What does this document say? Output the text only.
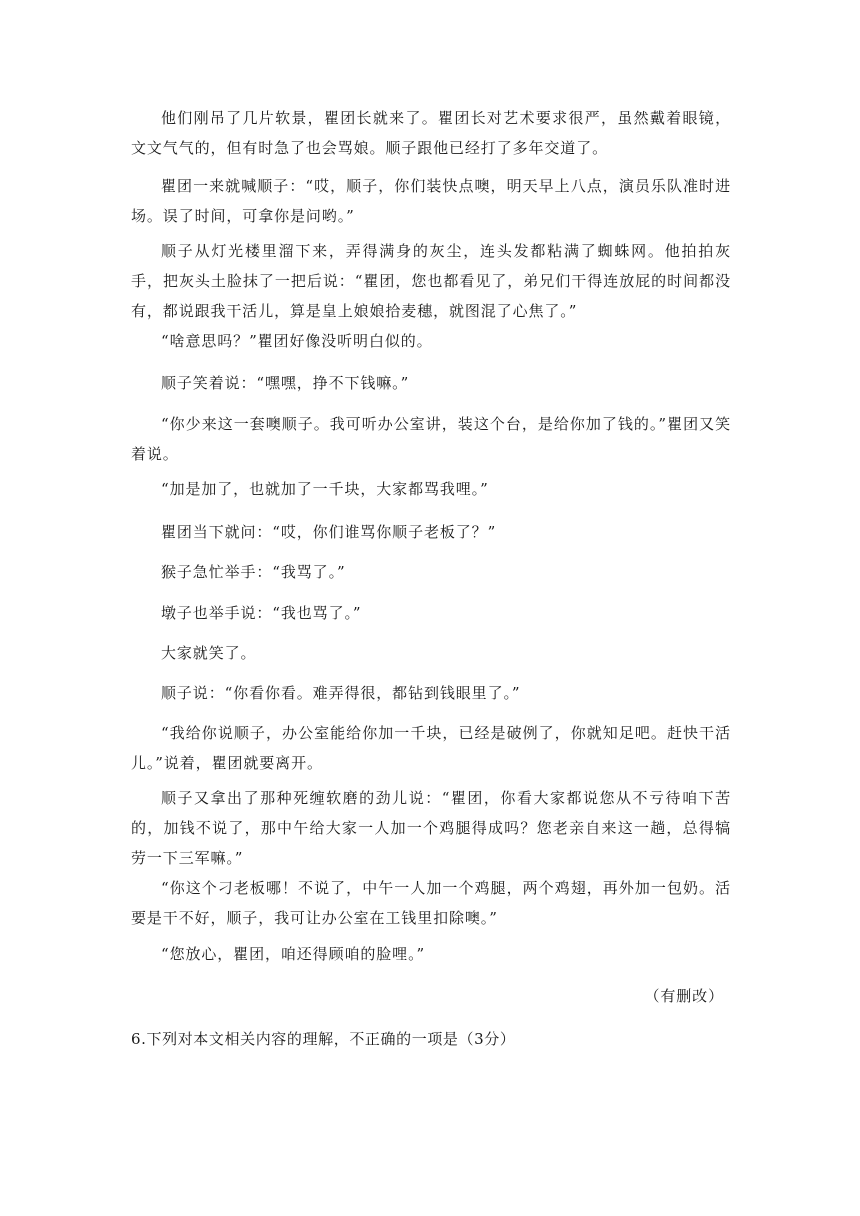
他们刚吊了几片软景，瞿团长就来了。瞿团长对艺术要求很严，虽然戴着眼镜，文文气气的，但有时急了也会骂娘。顺子跟他已经打了多年交道了。

瞿团一来就喊顺子：“哎，顺子，你们装快点噢，明天早上八点，演员乐队准时进场。误了时间，可拿你是问哟。”

顺子从灯光楼里溜下来，弄得满身的灰尘，连头发都粘满了蜘蛛网。他拍拍灰手，把灰头土脸抹了一把后说：“瞿团，您也都看见了，弟兄们干得连放屁的时间都没有，都说跟我干活儿，算是皇上娘娘拾麦穗，就图混了心焦了。”

“啥意思吗？”瞿团好像没听明白似的。

顺子笑着说：“嘿嘿，挣不下钱嘛。”

“你少来这一套噢顺子。我可听办公室讲，装这个台，是给你加了钱的。”瞿团又笑着说。

“加是加了，也就加了一千块，大家都骂我哩。”

瞿团当下就问：“哎，你们谁骂你顺子老板了？”

猴子急忙举手：“我骂了。”

墩子也举手说：“我也骂了。”

大家就笑了。

顺子说：“你看你看。难弄得很，都钻到钱眼里了。”

“我给你说顺子，办公室能给你加一千块，已经是破例了，你就知足吧。赶快干活儿。”说着，瞿团就要离开。

顺子又拿出了那种死缠软磨的劲儿说：“瞿团，你看大家都说您从不亏待咱下苦的，加钱不说了，那中午给大家一人加一个鸡腿得成吗？您老亲自来这一趟，总得犒劳一下三军嘛。”

“你这个刁老板哪！不说了，中午一人加一个鸡腿，两个鸡翅，再外加一包奶。活要是干不好，顺子，我可让办公室在工钱里扣除噢。”

“您放心，瞿团，咱还得顾咱的脸哩。”

（有删改）
6.下列对本文相关内容的理解，不正确的一项是（3分）
